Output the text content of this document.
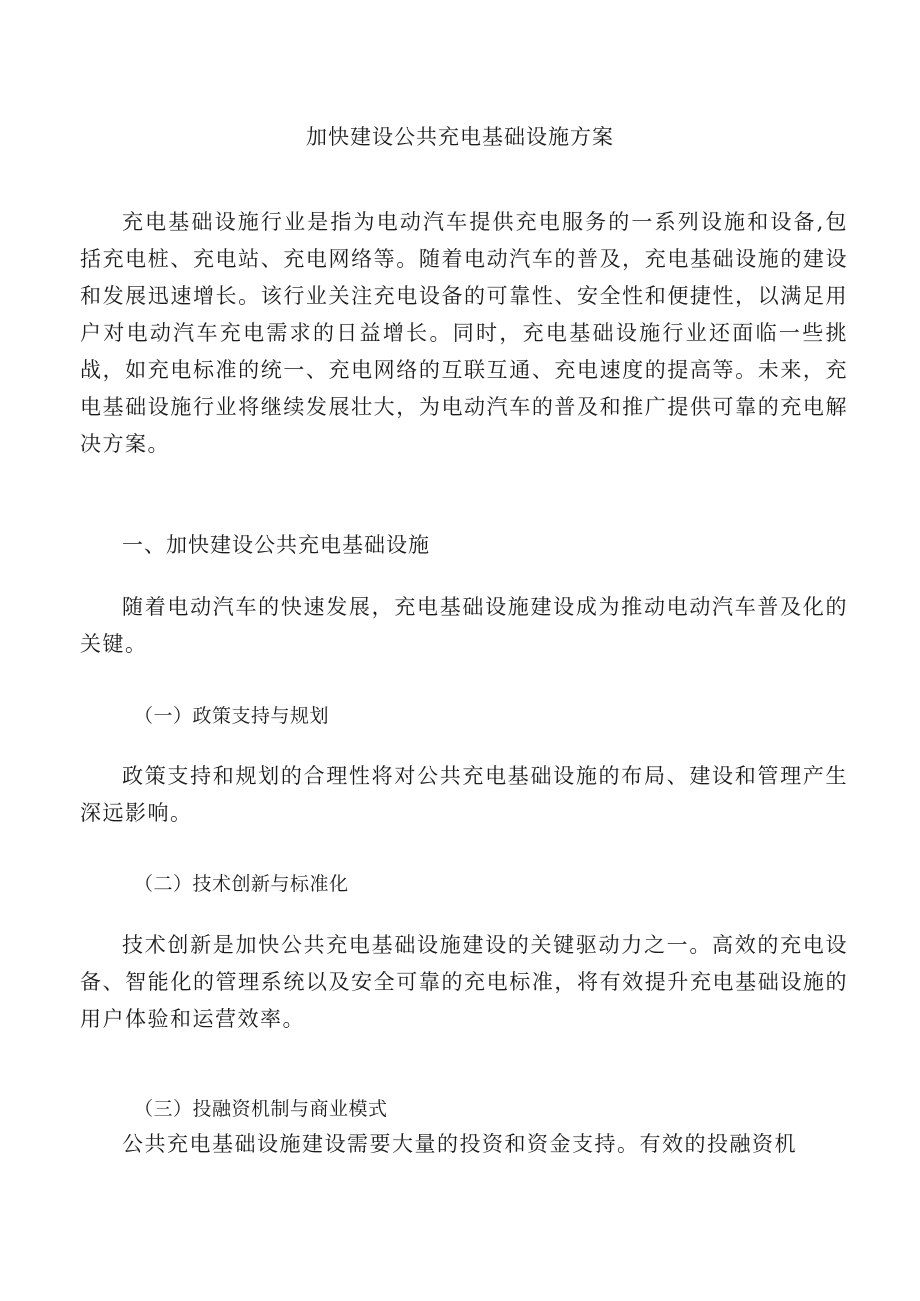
加快建设公共充电基础设施方案

充电基础设施行业是指为电动汽车提供充电服务的一系列设施和设备,包括充电桩、充电站、充电网络等。随着电动汽车的普及，充电基础设施的建设和发展迅速增长。该行业关注充电设备的可靠性、安全性和便捷性，以满足用户对电动汽车充电需求的日益增长。同时，充电基础设施行业还面临一些挑战，如充电标准的统一、充电网络的互联互通、充电速度的提高等。未来，充电基础设施行业将继续发展壮大，为电动汽车的普及和推广提供可靠的充电解决方案。

一、加快建设公共充电基础设施

随着电动汽车的快速发展，充电基础设施建设成为推动电动汽车普及化的关键。

（一）政策支持与规划

政策支持和规划的合理性将对公共充电基础设施的布局、建设和管理产生深远影响。

（二）技术创新与标准化

技术创新是加快公共充电基础设施建设的关键驱动力之一。高效的充电设备、智能化的管理系统以及安全可靠的充电标准，将有效提升充电基础设施的用户体验和运营效率。

（三）投融资机制与商业模式

公共充电基础设施建设需要大量的投资和资金支持。有效的投融资机
